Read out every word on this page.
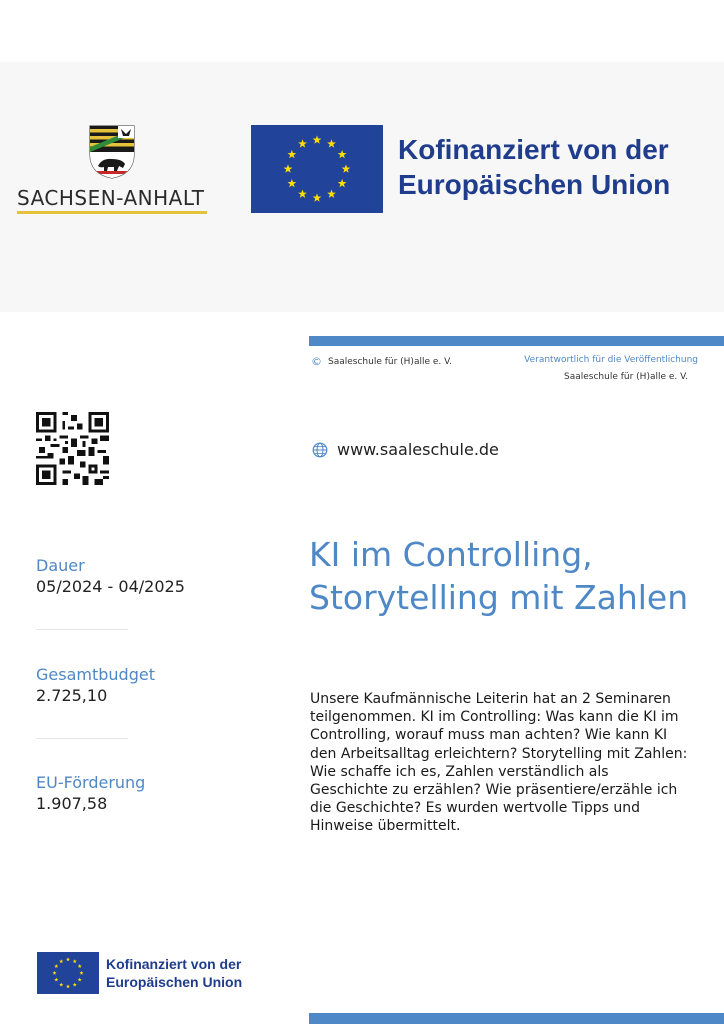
SACHSEN-ANHALT
Kofinanziert von der
Europäischen Union
© Saaleschule für (H)alle e. V.	Verantwortlich für die Veröffentlichung
Saaleschule für (H)alle e. V.
www.saaleschule.de
Dauer
05/2024 - 04/2025
Gesamtbudget
2.725,10
EU-Förderung
1.907,58
KI im Controlling, Storytelling mit Zahlen

Unsere Kaufmännische Leiterin hat an 2 Seminaren teilgenommen. KI im Controlling: Was kann die KI im Controlling, worauf muss man achten? Wie kann KI den Arbeitsalltag erleichtern? Storytelling mit Zahlen: Wie schaffe ich es, Zahlen verständlich als Geschichte zu erzählen? Wie präsentiere/erzähle ich die Geschichte? Es wurden wertvolle Tipps und Hinweise übermittelt.

Kofinanziert von der
Europäischen Union
